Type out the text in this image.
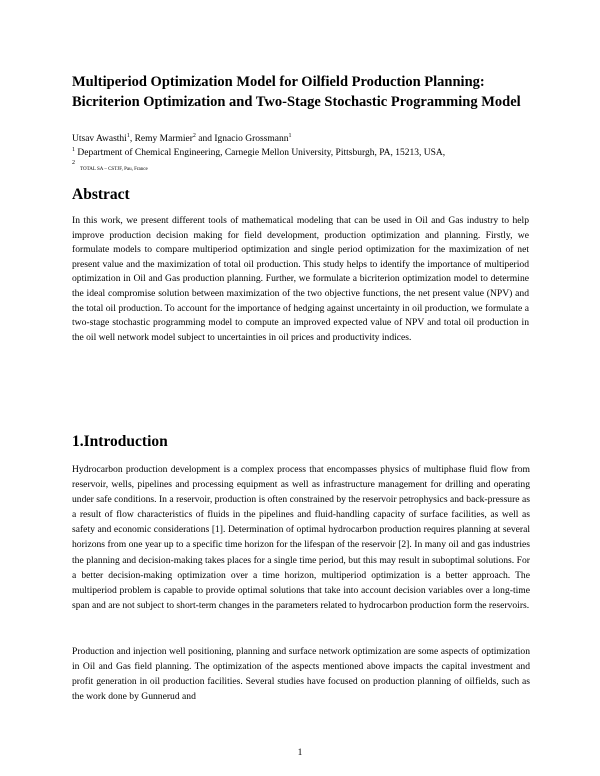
Multiperiod Optimization Model for Oilfield Production Planning: Bicriterion Optimization and Two-Stage Stochastic Programming Model
Utsav Awasthi$^1$, Remy Marmier$^2$ and Ignacio Grossmann$^1$
$^1$ Department of Chemical Engineering, Carnegie Mellon University, Pittsburgh, PA, 15213, USA,
2
TOTAL SA – CSTJF, Pau, France
Abstract

In this work, we present different tools of mathematical modeling that can be used in Oil and Gas industry to help improve production decision making for field development, production optimization and planning. Firstly, we formulate models to compare multiperiod optimization and single period optimization for the maximization of net present value and the maximization of total oil production. This study helps to identify the importance of multiperiod optimization in Oil and Gas production planning. Further, we formulate a bicriterion optimization model to determine the ideal compromise solution between maximization of the two objective functions, the net present value (NPV) and the total oil production. To account for the importance of hedging against uncertainty in oil production, we formulate a two-stage stochastic programming model to compute an improved expected value of NPV and total oil production in the oil well network model subject to uncertainties in oil prices and productivity indices.

1.Introduction

Hydrocarbon production development is a complex process that encompasses physics of multiphase fluid flow from reservoir, wells, pipelines and processing equipment as well as infrastructure management for drilling and operating under safe conditions. In a reservoir, production is often constrained by the reservoir petrophysics and back-pressure as a result of flow characteristics of fluids in the pipelines and fluid-handling capacity of surface facilities, as well as safety and economic considerations [1]. Determination of optimal hydrocarbon production requires planning at several horizons from one year up to a specific time horizon for the lifespan of the reservoir [2]. In many oil and gas industries the planning and decision-making takes places for a single time period, but this may result in suboptimal solutions. For a better decision-making optimization over a time horizon, multiperiod optimization is a better approach. The multiperiod problem is capable to provide optimal solutions that take into account decision variables over a long-time span and are not subject to short-term changes in the parameters related to hydrocarbon production form the reservoirs.

Production and injection well positioning, planning and surface network optimization are some aspects of optimization in Oil and Gas field planning. The optimization of the aspects mentioned above impacts the capital investment and profit generation in oil production facilities. Several studies have focused on production planning of oilfields, such as the work done by Gunnerud and

1
